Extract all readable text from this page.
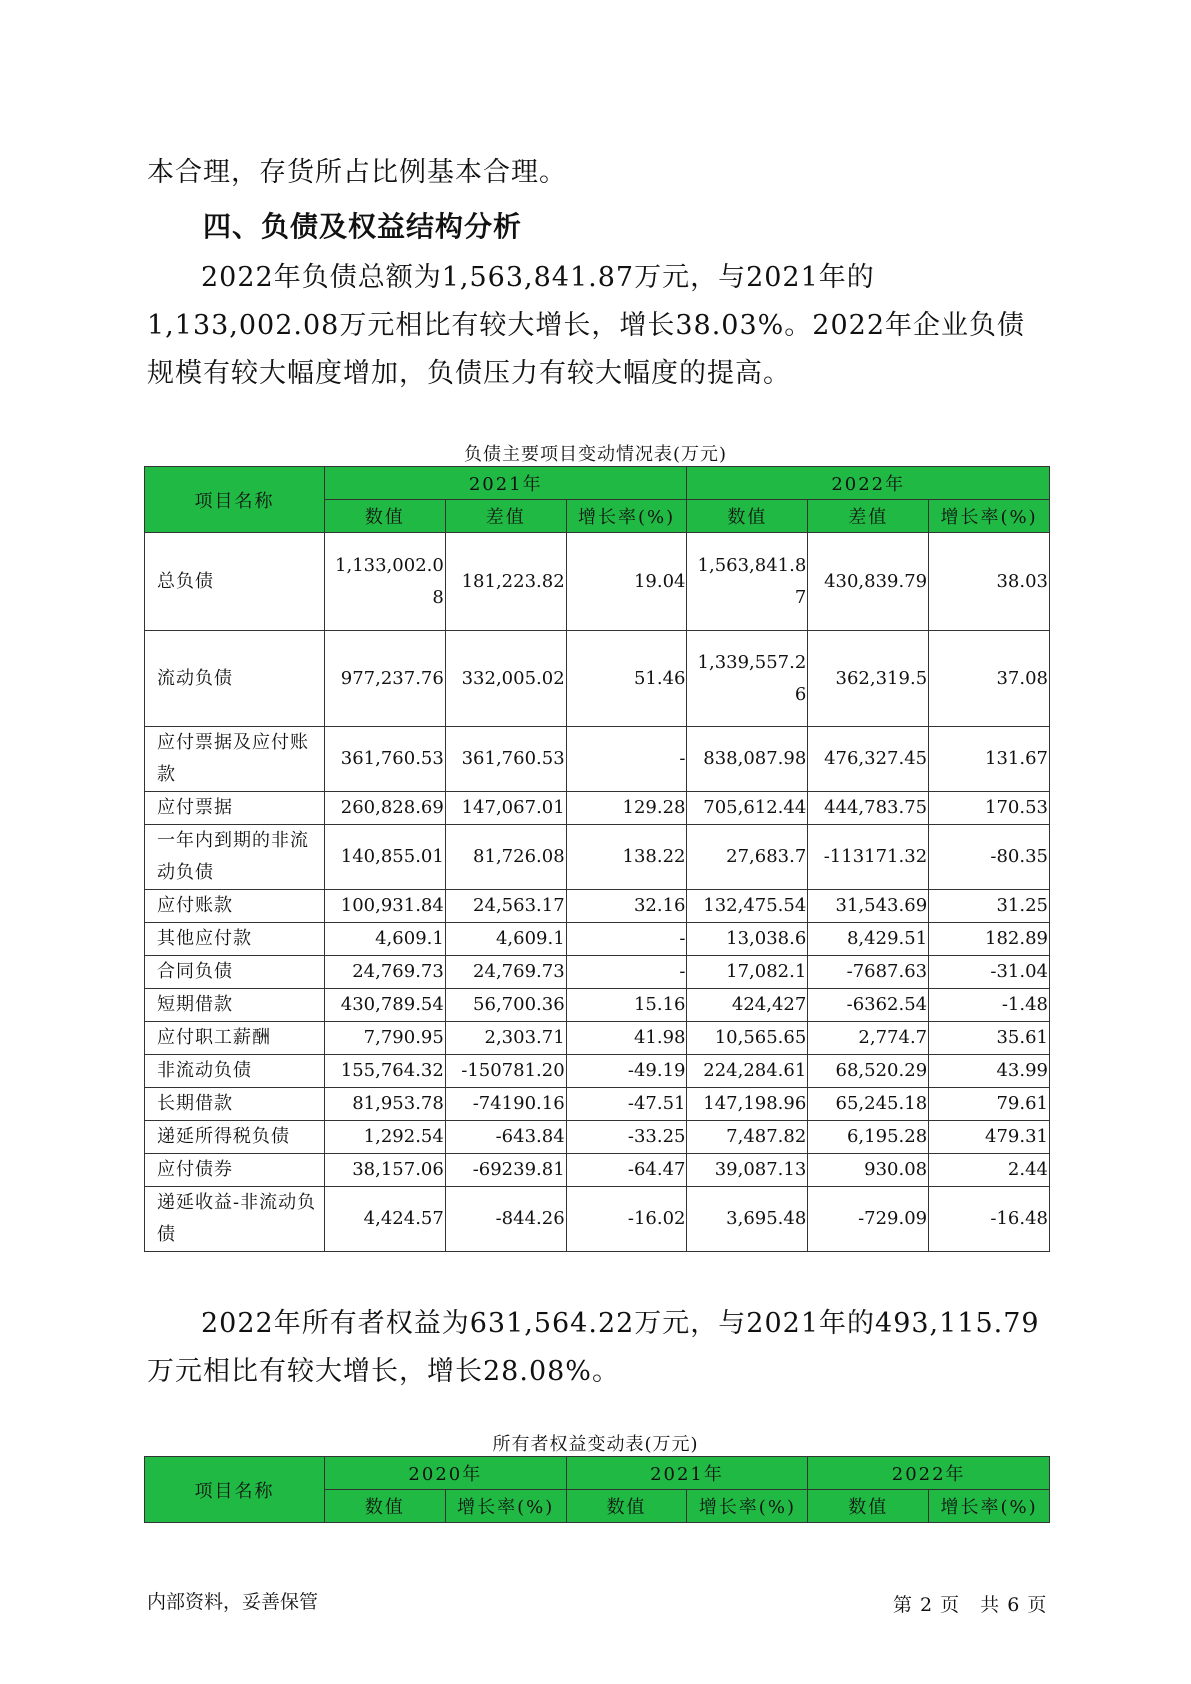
本合理，存货所占比例基本合理。

四、负债及权益结构分析

2022年负债总额为1,563,841.87万元，与2021年的1,133,002.08万元相比有较大增长，增长38.03%。2022年企业负债规模有较大幅度增加，负债压力有较大幅度的提高。

负债主要项目变动情况表(万元)
项目名称	2021年			2022年		
	数值	差值	增长率(%)	数值	差值	增长率(%)
总负债	1,133,002.08	181,223.82	19.04	1,563,841.87	430,839.79	38.03
流动负债	977,237.76	332,005.02	51.46	1,339,557.26	362,319.5	37.08
应付票据及应付账款	361,760.53	361,760.53	-	838,087.98	476,327.45	131.67
应付票据	260,828.69	147,067.01	129.28	705,612.44	444,783.75	170.53
一年内到期的非流动负债	140,855.01	81,726.08	138.22	27,683.7	-113171.32	-80.35
应付账款	100,931.84	24,563.17	32.16	132,475.54	31,543.69	31.25
其他应付款	4,609.1	4,609.1	-	13,038.6	8,429.51	182.89
合同负债	24,769.73	24,769.73	-	17,082.1	-7687.63	-31.04
短期借款	430,789.54	56,700.36	15.16	424,427	-6362.54	-1.48
应付职工薪酬	7,790.95	2,303.71	41.98	10,565.65	2,774.7	35.61
非流动负债	155,764.32	-150781.20	-49.19	224,284.61	68,520.29	43.99
长期借款	81,953.78	-74190.16	-47.51	147,198.96	65,245.18	79.61
递延所得税负债	1,292.54	-643.84	-33.25	7,487.82	6,195.28	479.31
应付债券	38,157.06	-69239.81	-64.47	39,087.13	930.08	2.44
递延收益-非流动负债	4,424.57	-844.26	-16.02	3,695.48	-729.09	-16.48

2022年所有者权益为631,564.22万元，与2021年的493,115.79万元相比有较大增长，增长28.08%。

所有者权益变动表(万元)
项目名称	2020年		2021年		2022年	
	数值	增长率(%)	数值	增长率(%)	数值	增长率(%)
内部资料，妥善保管	第 2 页　共 6 页
